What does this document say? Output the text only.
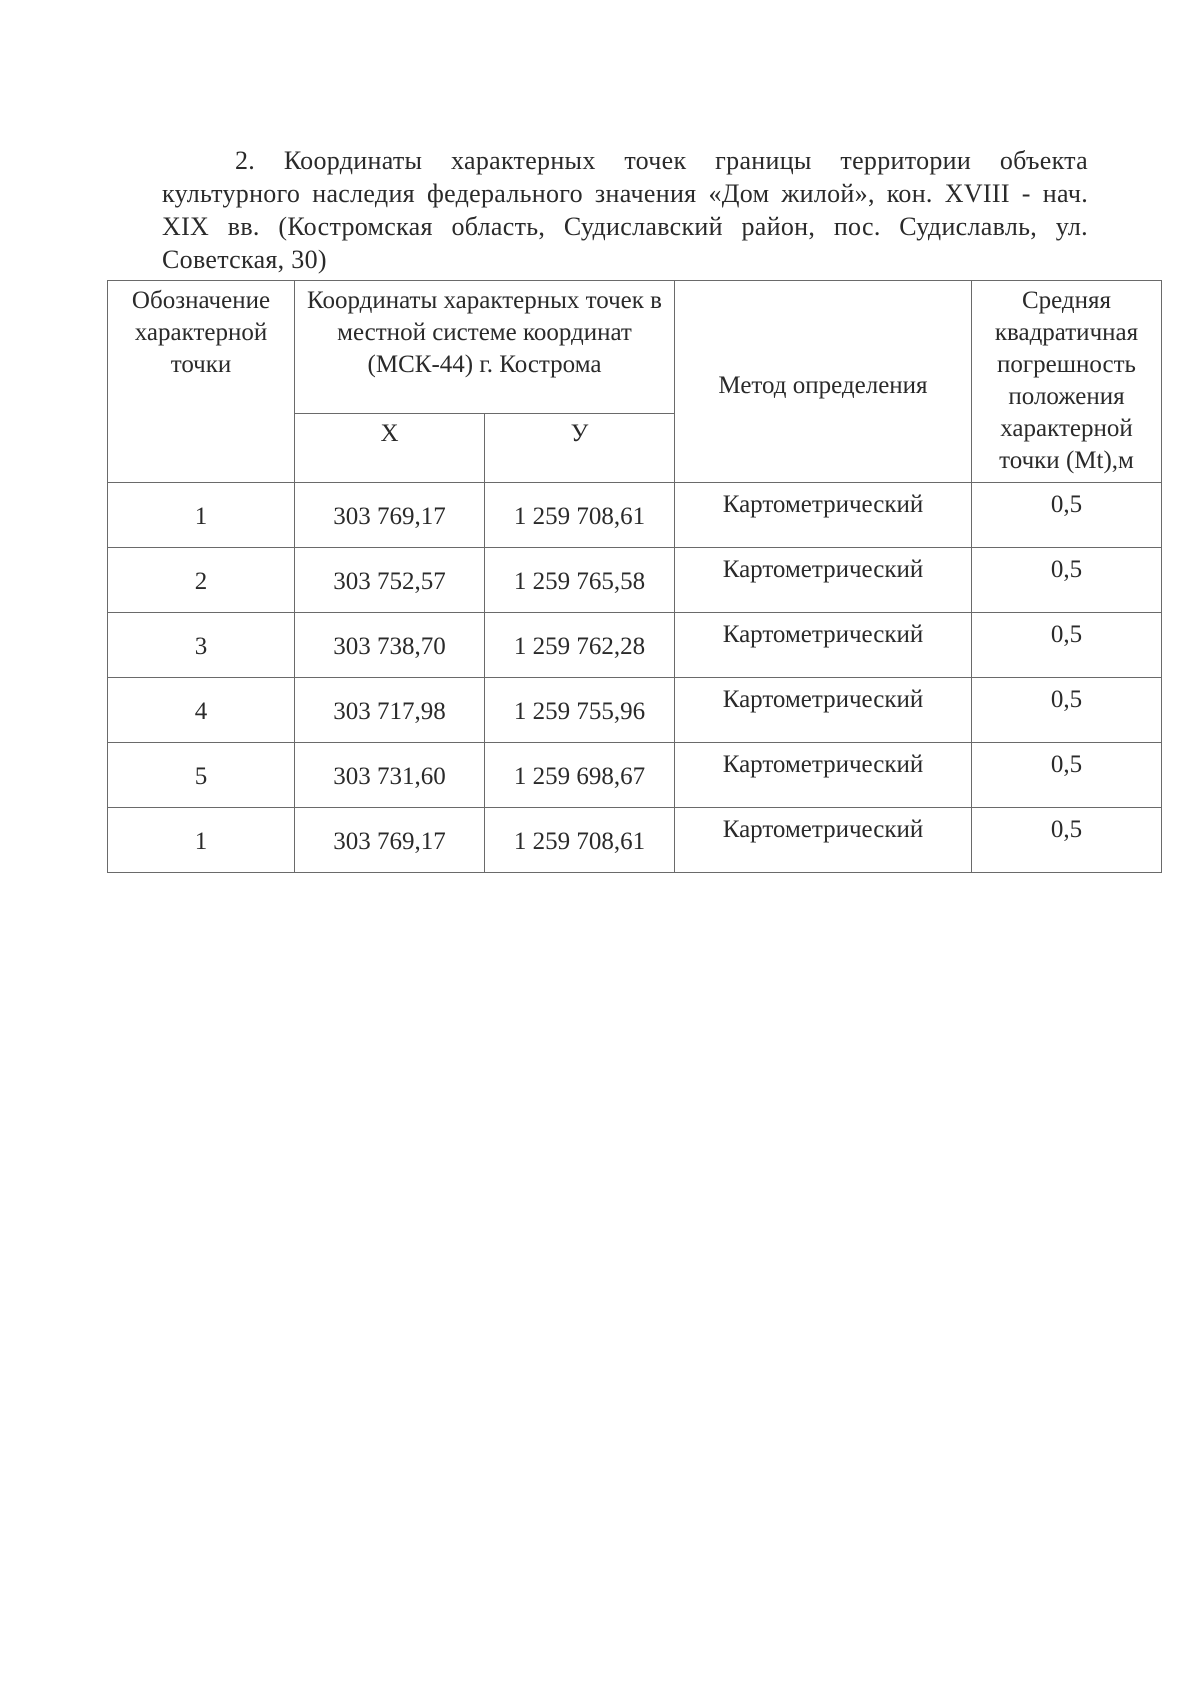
2. Координаты характерных точек границы территории объекта культурного наследия федерального значения «Дом жилой», кон. XVIII - нач. XIX вв. (Костромская область, Судиславский район, пос. Судиславль, ул. Советская, 30)

Обозначение характерной точки	Координаты характерных точек в местной системе координат (МСК-44) г. Кострома		Метод определения	Средняя квадратичная погрешность положения характерной точки (Mt),м
	Х	У		
1	303 769,17	1 259 708,61	Картометрический	0,5
2	303 752,57	1 259 765,58	Картометрический	0,5
3	303 738,70	1 259 762,28	Картометрический	0,5
4	303 717,98	1 259 755,96	Картометрический	0,5
5	303 731,60	1 259 698,67	Картометрический	0,5
1	303 769,17	1 259 708,61	Картометрический	0,5
